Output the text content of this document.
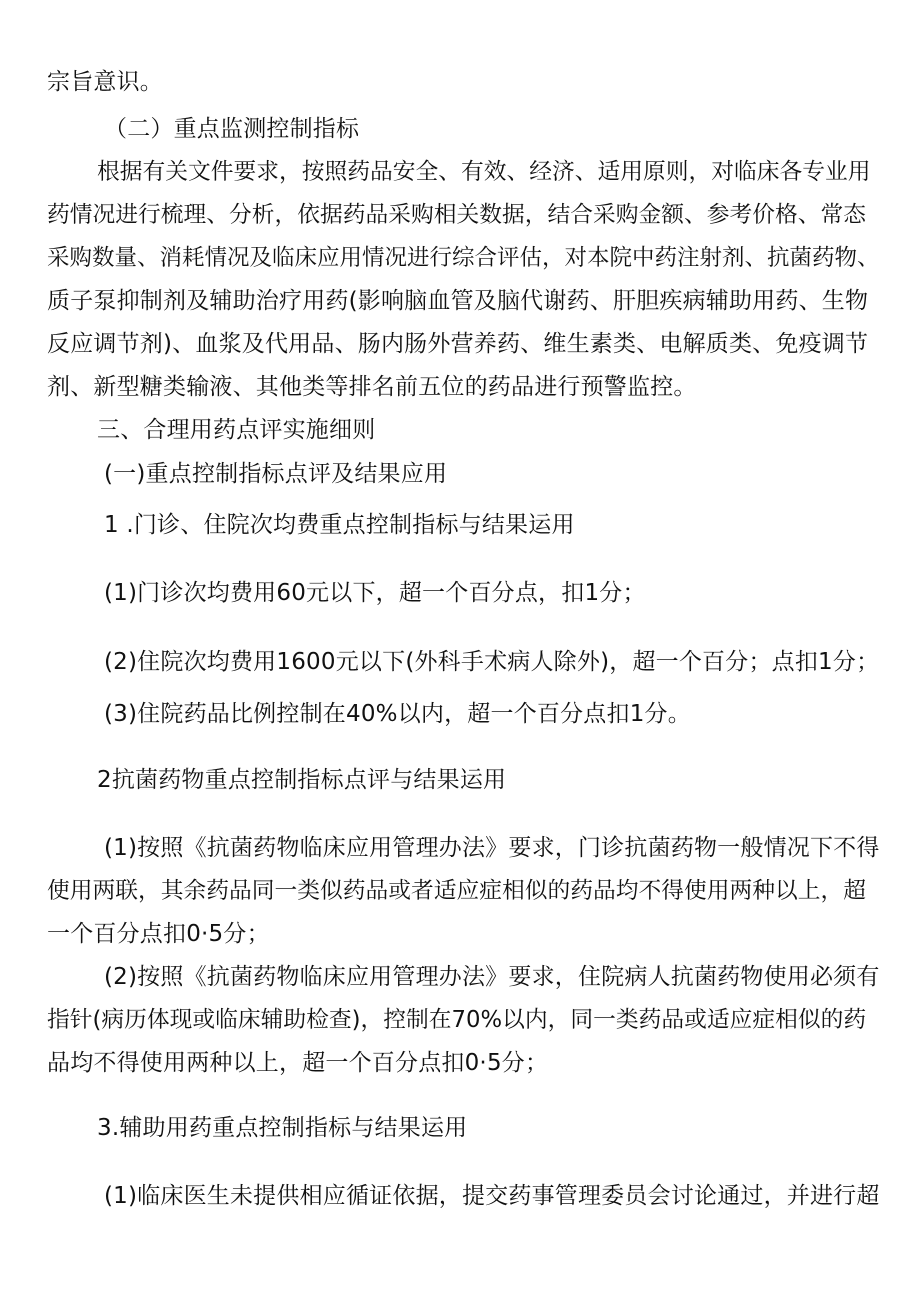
宗旨意识。

（二）重点监测控制指标

根据有关文件要求，按照药品安全、有效、经济、适用原则，对临床各专业用

药情况进行梳理、分析，依据药品采购相关数据，结合采购金额、参考价格、常态

采购数量、消耗情况及临床应用情况进行综合评估，对本院中药注射剂、抗菌药物、

质子泵抑制剂及辅助治疗用药(影响脑血管及脑代谢药、肝胆疾病辅助用药、生物

反应调节剂)、血浆及代用品、肠内肠外营养药、维生素类、电解质类、免疫调节

剂、新型糖类输液、其他类等排名前五位的药品进行预警监控。

三、合理用药点评实施细则

(一)重点控制指标点评及结果应用

1 .门诊、住院次均费重点控制指标与结果运用

(1)门诊次均费用60元以下，超一个百分点，扣1分；

(2)住院次均费用1600元以下(外科手术病人除外)，超一个百分；点扣1分；

(3)住院药品比例控制在40%以内，超一个百分点扣1分。

2抗菌药物重点控制指标点评与结果运用

(1)按照《抗菌药物临床应用管理办法》要求，门诊抗菌药物一般情况下不得

使用两联，其余药品同一类似药品或者适应症相似的药品均不得使用两种以上，超

一个百分点扣0·5分；

(2)按照《抗菌药物临床应用管理办法》要求，住院病人抗菌药物使用必须有

指针(病历体现或临床辅助检查)，控制在70%以内，同一类药品或适应症相似的药

品均不得使用两种以上，超一个百分点扣0·5分；

3.辅助用药重点控制指标与结果运用

(1)临床医生未提供相应循证依据，提交药事管理委员会讨论通过，并进行超
